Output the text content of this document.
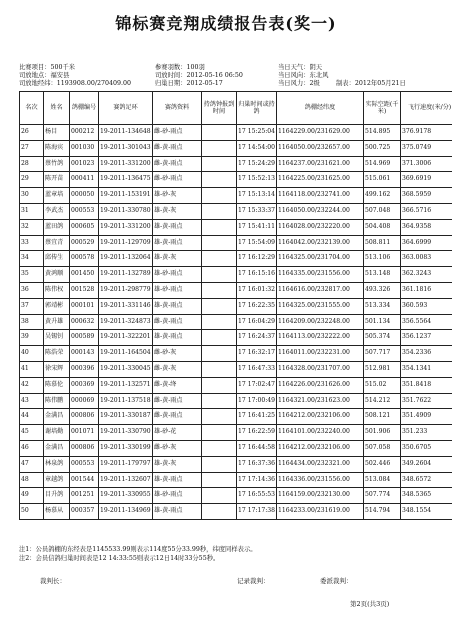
锦标赛竞翔成绩报告表(奖一)
比赛项目：500千米
司放地点：福安县
司放地经纬：1193908.00/270409.00
参赛羽数：100羽
司放时间：2012-05-16 06:50
归巢日期：2012-05-17
当日天气：阴天
当日风向：东北风
当日风力：2级	制表：2012年05月21日
名次	姓名	鸽棚编号	赛鸽足环	赛鸽资料	持鸽钟报到时间	归巢时间或持鸽	鸽棚经纬度	实际空距(千米)	飞行速度(米/分)
26	杨目	000212	19-2011-134648	雌-砂-雨点		17 15:25:04	1164229.00/231629.00	514.895	376.9178
27	陈海宾	001030	19-2011-301043	雌-黄-雨点		17 14:54:00	1164050.00/232657.00	500.725	375.0749
28	蔡竹鸽	001023	19-2011-331200	雌-黄-雨点		17 15:24:29	1164237.00/231621.00	514.969	371.3006
29	陈开苗	000411	19-2011-136475	雌-砂-雨点		17 15:52:13	1164225.00/231625.00	515.061	369.6919
30	蓝章培	000050	19-2011-153191	雄-砂-灰		17 15:13:14	1164118.00/232741.00	499.162	368.5959
31	李武杰	000553	19-2011-330780	雄-黄-灰		17 15:33:37	1164050.00/232244.00	507.048	366.5716
32	蓝田鸽	000605	19-2011-331200	雄-黄-雨点		17 15:41:11	1164028.00/232220.00	504.408	364.9358
33	蔡宜青	000529	19-2011-129709	雄-黄-雨点		17 15:54:09	1164042.00/232139.00	508.811	364.6999
34	邱传生	000578	19-2011-132064	雄-黄-灰		17 16:12:29	1164325.00/231704.00	513.106	363.0083
35	黄鸿顺	001450	19-2011-132789	雄-砂-雨点		17 16:15:16	1164335.00/231556.00	513.148	362.3243
36	陈伟权	001528	19-2011-298779	雄-砂-雨点		17 16:01:32	1164616.00/232817.00	493.326	361.1816
37	郭靖彬	000101	19-2011-331146	雄-黄-雨点		17 16:22:35	1164325.00/231555.00	513.334	360.593
38	黄升雄	000632	19-2011-324873	雌-黄-雨点		17 16:04:29	1164209.00/232248.00	501.134	356.5564
39	吴锡钊	000589	19-2011-322201	雄-黄-雨点		17 16:24:37	1164113.00/232222.00	505.374	356.1237
40	陈浩荣	000143	19-2011-164504	雌-砂-灰		17 16:32:17	1164011.00/232231.00	507.717	354.2336
41	徐宋辉	000396	19-2011-330045	雌-黄-灰		17 16:47:33	1164328.00/231707.00	512.981	354.1341
42	陈慕伦	000369	19-2011-132571	雌-黄-绛		17 17:02:47	1164226.00/231626.00	515.02	351.8418
43	陈伟鹏	000069	19-2011-137518	雌-黄-雨点		17 17:00:49	1164321.00/231623.00	514.212	351.7622
44	金满昌	000806	19-2011-330187	雌-黄-雨点		17 16:41:25	1164212.00/232106.00	508.121	351.4909
45	谢培勤	001071	19-2011-330790	雄-砂-花		17 16:22:59	1164101.00/232240.00	501.906	351.233
46	金满昌	000806	19-2011-330199	雌-砂-灰		17 16:44:58	1164212.00/232106.00	507.058	350.6705
47	林泉鸽	000553	19-2011-179797	雄-黄-灰		17 16:37:36	1164434.00/232321.00	502.446	349.2604
48	章越鸽	001544	19-2011-132607	雄-黄-雨点		17 17:14:36	1164336.00/231556.00	513.084	348.6572
49	目升鸽	001251	19-2011-330955	雄-砂-雨点		17 16:55:53	1164159.00/232130.00	507.774	348.5365
50	杨慕从	000357	19-2011-134969	雄-黄-雨点		17 17:17:38	1164233.00/231619.00	514.794	348.1554
注1：公员鸽棚的东经表是1145533.99则表示114度55分33.99秒，纬度同样表示。
注2：会员信鸽归巢时间表是12 14:33:55则表示12日14时33分55秒。
裁判长：	记录裁判：	委派裁判：
第2页(共3页)
